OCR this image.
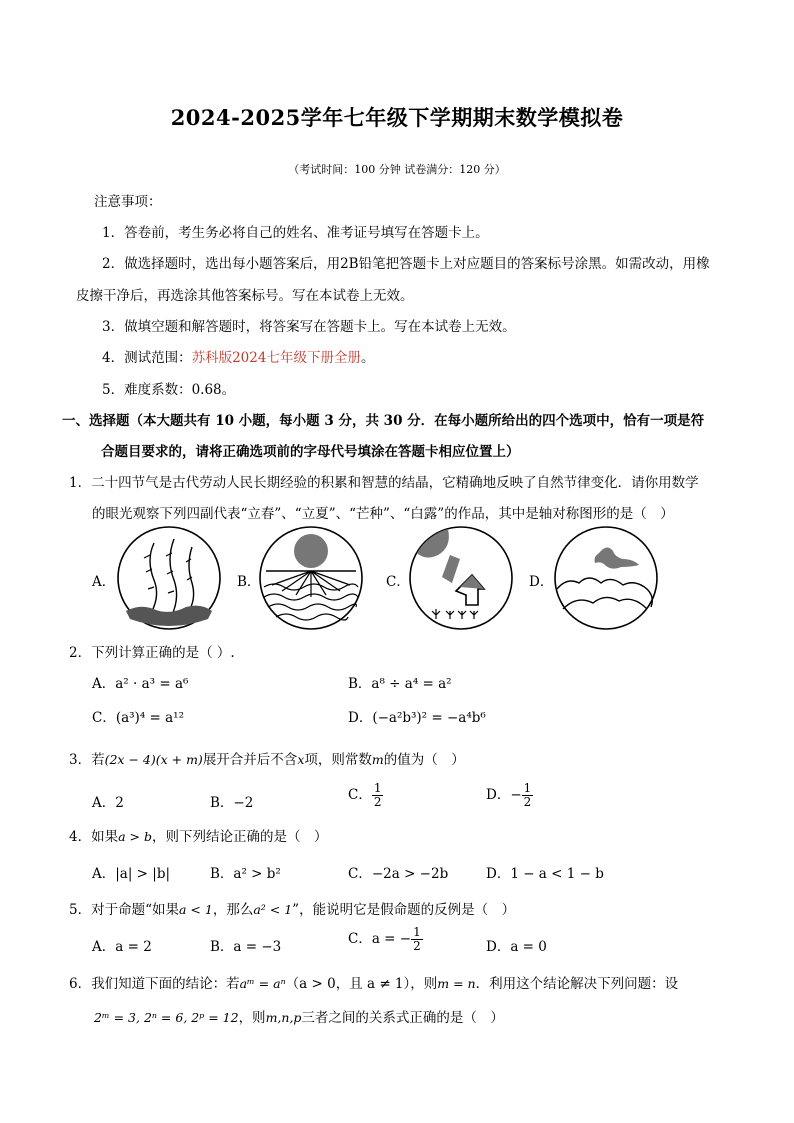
2024-2025学年七年级下学期期末数学模拟卷
（考试时间：100 分钟 试卷满分：120 分）
注意事项：
1．答卷前，考生务必将自己的姓名、准考证号填写在答题卡上。
2．做选择题时，选出每小题答案后，用2B铅笔把答题卡上对应题目的答案标号涂黑。如需改动，用橡
皮擦干净后，再选涂其他答案标号。写在本试卷上无效。
3．做填空题和解答题时，将答案写在答题卡上。写在本试卷上无效。
4．测试范围：苏科版2024七年级下册全册。
5．难度系数：0.68。
一、选择题（本大题共有 10 小题，每小题 3 分，共 30 分．在每小题所给出的四个选项中，恰有一项是符
合题目要求的，请将正确选项前的字母代号填涂在答题卡相应位置上）
1．二十四节气是古代劳动人民长期经验的积累和智慧的结晶，它精确地反映了自然节律变化．请你用数学
的眼光观察下列四副代表“立春”、“立夏”、“芒种”、“白露”的作品，其中是轴对称图形的是（　）
A．	B．	C．	D．
2．下列计算正确的是（ ）.
A．a² · a³ = a⁶	B．a⁸ ÷ a⁴ = a²
C．(a³)⁴ = a¹²	D．(−a²b³)² = −a⁴b⁶
3．若(2x − 4)(x + m)展开合并后不含x项，则常数m的值为（　）
A．2	B．−2	C． $\frac{1}{2}$	D．− $\frac{1}{2}$
4．如果a > b，则下列结论正确的是（　）
A．|a| > |b|	B．a² > b²	C．−2a > −2b	D．1 − a < 1 − b
5．对于命题“如果a < 1，那么a² < 1”，能说明它是假命题的反例是（　）
A．a = 2	B．a = −3	C．a = − $\frac{1}{2}$	D．a = 0
6．我们知道下面的结论：若aᵐ = aⁿ（a > 0，且 a ≠ 1），则m = n．利用这个结论解决下列问题：设
2ᵐ = 3, 2ⁿ = 6, 2ᵖ = 12，则m,n,p三者之间的关系式正确的是（　）
